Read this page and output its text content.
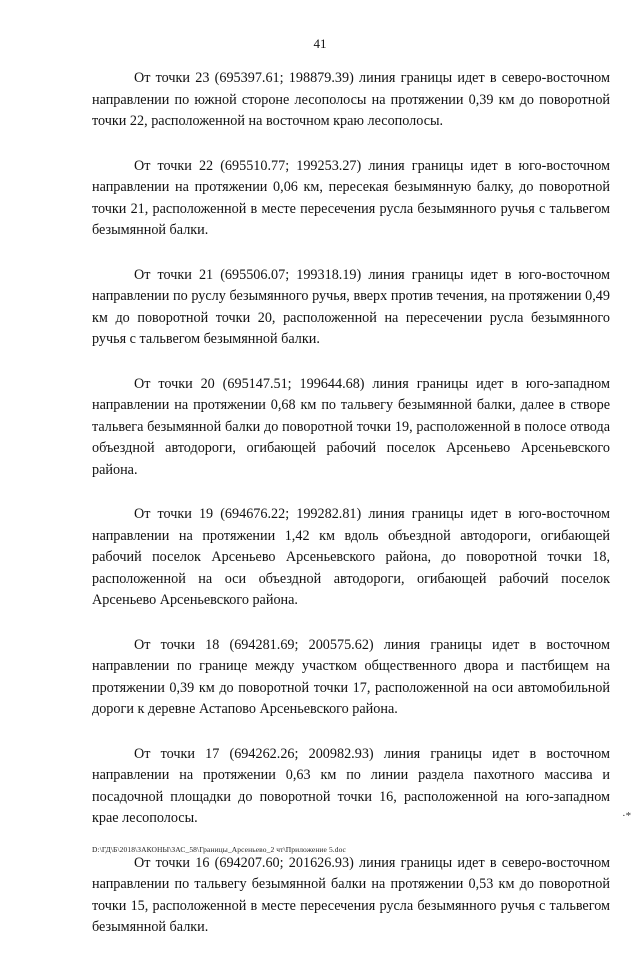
41

От точки 23 (695397.61; 198879.39) линия границы идет в северо-восточном направлении по южной стороне лесополосы на протяжении 0,39 км до поворотной точки 22, расположенной на восточном краю лесополосы.

От точки 22 (695510.77; 199253.27) линия границы идет в юго-восточном направлении на протяжении 0,06 км, пересекая безымянную балку, до поворотной точки 21, расположенной в месте пересечения русла безымянного ручья с тальвегом безымянной балки.

От точки 21 (695506.07; 199318.19) линия границы идет в юго-восточном направлении по руслу безымянного ручья, вверх против течения, на протяжении 0,49 км до поворотной точки 20, расположенной на пересечении русла безымянного ручья с тальвегом безымянной балки.

От точки 20 (695147.51; 199644.68) линия границы идет в юго-западном направлении на протяжении 0,68 км по тальвегу безымянной балки, далее в створе тальвега безымянной балки до поворотной точки 19, расположенной в полосе отвода объездной автодороги, огибающей рабочий поселок Арсеньево Арсеньевского района.

От точки 19 (694676.22; 199282.81) линия границы идет в юго-восточном направлении на протяжении 1,42 км вдоль объездной автодороги, огибающей рабочий поселок Арсеньево Арсеньевского района, до поворотной точки 18, расположенной на оси объездной автодороги, огибающей рабочий поселок Арсеньево Арсеньевского района.

От точки 18 (694281.69; 200575.62) линия границы идет в восточном направлении по границе между участком общественного двора и пастбищем на протяжении 0,39 км до поворотной точки 17, расположенной на оси автомобильной дороги к деревне Астапово Арсеньевского района.

От точки 17 (694262.26; 200982.93) линия границы идет в восточном направлении на протяжении 0,63 км по линии раздела пахотного массива и посадочной площадки до поворотной точки 16, расположенной на юго-западном крае лесополосы.

От точки 16 (694207.60; 201626.93) линия границы идет в северо-восточном направлении по тальвегу безымянной балки на протяжении 0,53 км до поворотной точки 15, расположенной в месте пересечения русла безымянного ручья с тальвегом безымянной балки.

·*
D:\ГД\Б\2018\ЗАКОНЫ\ЗАС_58\Границы_Арсеньево_2 чт\Приложение 5.doc
